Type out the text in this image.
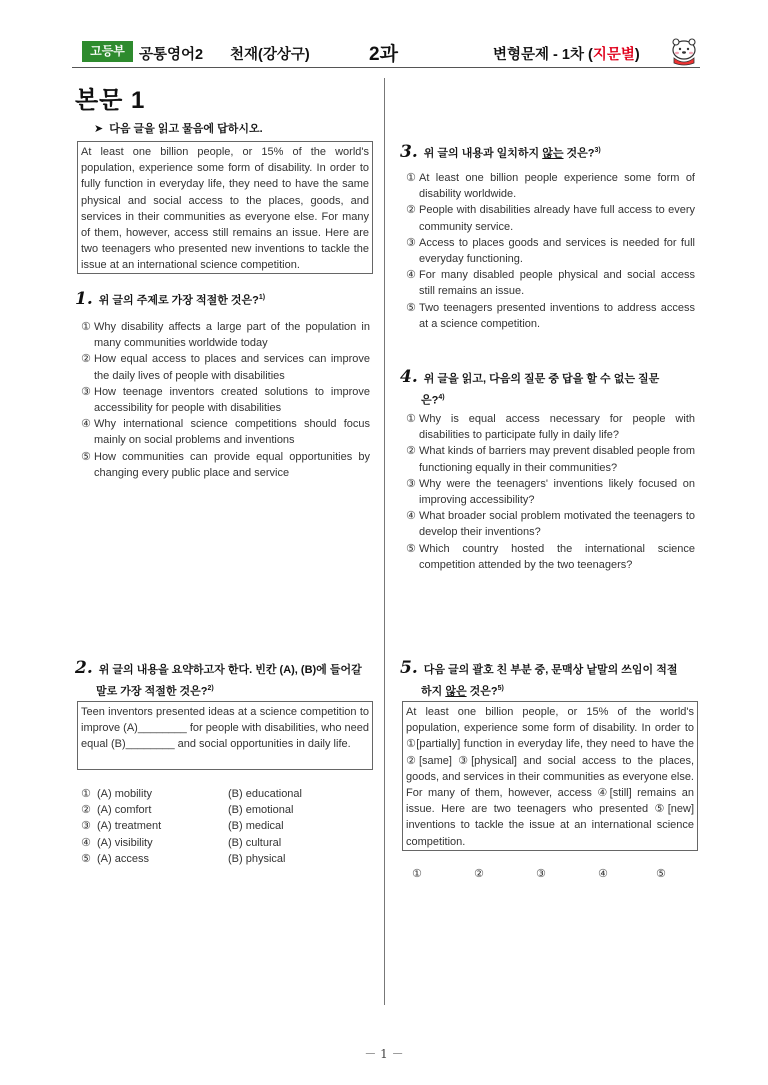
고등부 공통영어2 천재(강상구)	2과	변형문제 - 1차 (지문별)
본문 1
➤ 다음 글을 읽고 물음에 답하시오.
At least one billion people, or 15% of the world's population, experience some form of disability. In order to fully function in everyday life, they need to have the same physical and social access to the places, goods, and services in their communities as everyone else. For many of them, however, access still remains an issue. Here are two teenagers who presented new inventions to tackle the issue at an international science competition.
1. 위 글의 주제로 가장 적절한 것은?$^{1)}$
① Why disability affects a large part of the population in many communities worldwide today
② How equal access to places and services can improve the daily lives of people with disabilities
③ How teenage inventors created solutions to improve accessibility for people with disabilities
④ Why international science competitions should focus mainly on social problems and inventions
⑤ How communities can provide equal opportunities by changing every public place and service
2. 위 글의 내용을 요약하고자 한다. 빈칸 (A), (B)에 들어갈
말로 가장 적절한 것은?$^{2)}$
Teen inventors presented ideas at a science competition to improve (A)________ for people with disabilities, who need equal (B)________ and social opportunities in daily life.
① (A) mobility	(B) educational
② (A) comfort	(B) emotional
③ (A) treatment	(B) medical
④ (A) visibility	(B) cultural
⑤ (A) access	(B) physical
3. 위 글의 내용과 일치하지 않는 것은?$^{3)}$
① At least one billion people experience some form of disability worldwide.
② People with disabilities already have full access to every community service.
③ Access to places goods and services is needed for full everyday functioning.
④ For many disabled people physical and social access still remains an issue.
⑤ Two teenagers presented inventions to address access at a science competition.
4. 위 글을 읽고, 다음의 질문 중 답을 할 수 없는 질문
은?$^{4)}$
① Why is equal access necessary for people with disabilities to participate fully in daily life?
② What kinds of barriers may prevent disabled people from functioning equally in their communities?
③ Why were the teenagers' inventions likely focused on improving accessibility?
④ What broader social problem motivated the teenagers to develop their inventions?
⑤ Which country hosted the international science competition attended by the two teenagers?
5. 다음 글의 괄호 친 부분 중, 문맥상 낱말의 쓰임이 적절
하지 않은 것은?$^{5)}$
At least one billion people, or 15% of the world's population, experience some form of disability. In order to ①[partially] function in everyday life, they need to have the ②[same] ③[physical] and social access to the places, goods, and services in their communities as everyone else. For many of them, however, access ④[still] remains an issue. Here are two teenagers who presented ⑤[new] inventions to tackle the issue at an international science competition.
①	②	③	④	⑤
－ 1 －
